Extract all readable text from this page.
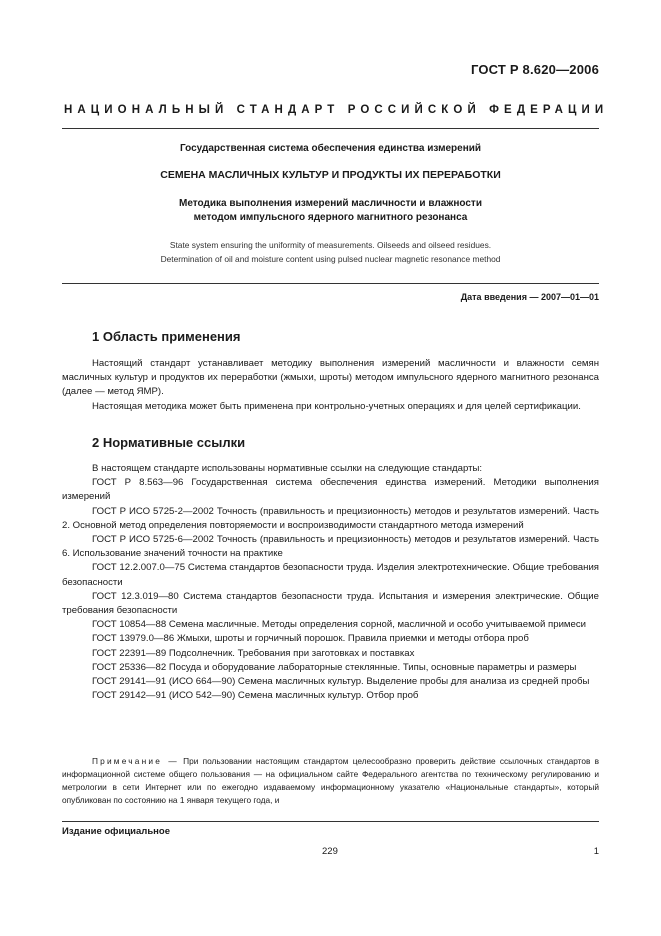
ГОСТ Р 8.620—2006
НАЦИОНАЛЬНЫЙ СТАНДАРТ РОССИЙСКОЙ ФЕДЕРАЦИИ
Государственная система обеспечения единства измерений
СЕМЕНА МАСЛИЧНЫХ КУЛЬТУР И ПРОДУКТЫ ИХ ПЕРЕРАБОТКИ
Методика выполнения измерений масличности и влажности
методом импульсного ядерного магнитного резонанса
State system ensuring the uniformity of measurements. Oilseeds and oilseed residues.
Determination of oil and moisture content using pulsed nuclear magnetic resonance method
Дата введения — 2007—01—01
1 Область применения

Настоящий стандарт устанавливает методику выполнения измерений масличности и влажности семян масличных культур и продуктов их переработки (жмыхи, шроты) методом импульсного ядерного магнитного резонанса (далее — метод ЯМР).

Настоящая методика может быть применена при контрольно-учетных операциях и для целей сертификации.

2 Нормативные ссылки

В настоящем стандарте использованы нормативные ссылки на следующие стандарты:

ГОСТ Р 8.563—96 Государственная система обеспечения единства измерений. Методики выполнения измерений

ГОСТ Р ИСО 5725-2—2002 Точность (правильность и прецизионность) методов и результатов измерений. Часть 2. Основной метод определения повторяемости и воспроизводимости стандартного метода измерений

ГОСТ Р ИСО 5725-6—2002 Точность (правильность и прецизионность) методов и результатов измерений. Часть 6. Использование значений точности на практике

ГОСТ 12.2.007.0—75 Система стандартов безопасности труда. Изделия электротехнические. Общие требования безопасности

ГОСТ 12.3.019—80 Система стандартов безопасности труда. Испытания и измерения электрические. Общие требования безопасности

ГОСТ 10854—88 Семена масличные. Методы определения сорной, масличной и особо учитываемой примеси

ГОСТ 13979.0—86 Жмыхи, шроты и горчичный порошок. Правила приемки и методы отбора проб

ГОСТ 22391—89 Подсолнечник. Требования при заготовках и поставках

ГОСТ 25336—82 Посуда и оборудование лабораторные стеклянные. Типы, основные параметры и размеры

ГОСТ 29141—91 (ИСО 664—90) Семена масличных культур. Выделение пробы для анализа из средней пробы

ГОСТ 29142—91 (ИСО 542—90) Семена масличных культур. Отбор проб

Примечание — При пользовании настоящим стандартом целесообразно проверить действие ссылочных стандартов в информационной системе общего пользования — на официальном сайте Федерального агентства по техническому регулированию и метрологии в сети Интернет или по ежегодно издаваемому информационному указателю «Национальные стандарты», который опубликован по состоянию на 1 января текущего года, и
Издание официальное
229	1
